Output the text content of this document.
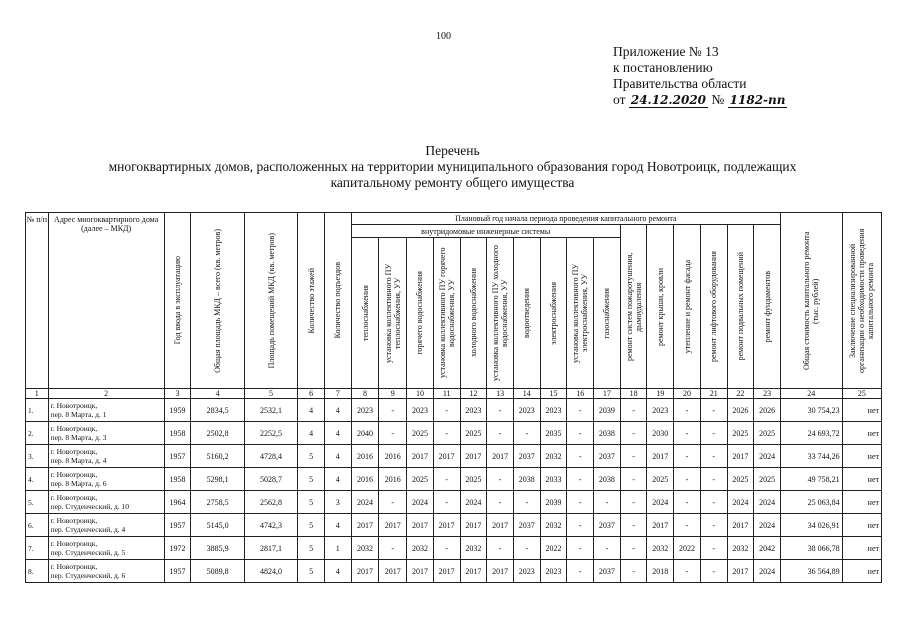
100
Приложение № 13
к постановлению
Правительства области
от 24.12.2020 № 1182-пп
Перечень
многоквартирных домов, расположенных на территории муниципального образования город Новотроицк, подлежащих
капитальному ремонту общего имущества
№ п/п	Адрес многоквартирного дома (далее – МКД)	Год ввода в эксплуатацию	Общая площадь МКД – всего (кв. метров)	Площадь помещений МКД (кв. метров)	Количество этажей	Количество подъездов	Плановый год начала периода проведения капитального ремонта																Общая стоимость капитального ремонта (тыс. рублей)	Заключение специализированной организации о необходимости проведения капитального ремонта

							внутридомовые инженерные системы										ремонт систем пожаротушения, дымоудаления	ремонт крыши, кровли	утепление и ремонт фасада	ремонт лифтового оборудования	ремонт подвальных помещений	ремонт фундаментов		

							теплоснабжения	установка коллективного ПУ теплоснабжения, УУ	горячего водоснабжения	установка коллективного ПУ горячего водоснабжения, УУ	холодного водоснабжения	установка коллективного ПУ холодного водоснабжения, УУ	водоотведения	электроснабжения	установка коллективного ПУ электроснабжения, УУ	газоснабжения								

1	2	3	4	5	6	7	8	9	10	11	12	13	14	15	16	17	18	19	20	21	22	23	24	25
1.	г. Новотроицк,
пер. 8 Марта, д. 1	1959	2834,5	2532,1	4	4	2023	-	2023	-	2023	-	2023	2023	-	2039	-	2023	-	-	2026	2026	30 754,23	нет
2.	г. Новотроицк,
пер. 8 Марта, д. 3	1958	2502,8	2252,5	4	4	2040	-	2025	-	2025	-	-	2035	-	2038	-	2030	-	-	2025	2025	24 693,72	нет
3.	г. Новотроицк,
пер. 8 Марта, д. 4	1957	5160,2	4728,4	5	4	2016	2016	2017	2017	2017	2017	2037	2032	-	2037	-	2017	-	-	2017	2024	33 744,26	нет
4.	г. Новотроицк,
пер. 8 Марта, д. 6	1958	5298,1	5028,7	5	4	2016	2016	2025	-	2025	-	2038	2033	-	2038	-	2025	-	-	2025	2025	49 758,21	нет
5.	г. Новотроицк,
пер. Студенческий, д. 10	1964	2758,5	2562,8	5	3	2024	-	2024	-	2024	-	-	2039	-	-	-	2024	-	-	2024	2024	25 063,84	нет
6.	г. Новотроицк,
пер. Студенческий, д. 4	1957	5145,0	4742,3	5	4	2017	2017	2017	2017	2017	2017	2037	2032	-	2037	-	2017	-	-	2017	2024	34 026,91	нет
7.	г. Новотроицк,
пер. Студенческий, д. 5	1972	3885,9	2817,1	5	1	2032	-	2032	-	2032	-	-	2022	-	-	-	2032	2022	-	2032	2042	38 066,78	нет
8.	г. Новотроицк,
пер. Студенческий, д. 6	1957	5089,8	4824,0	5	4	2017	2017	2017	2017	2017	2017	2023	2023	-	2037	-	2018	-	-	2017	2024	36 564,89	нет
